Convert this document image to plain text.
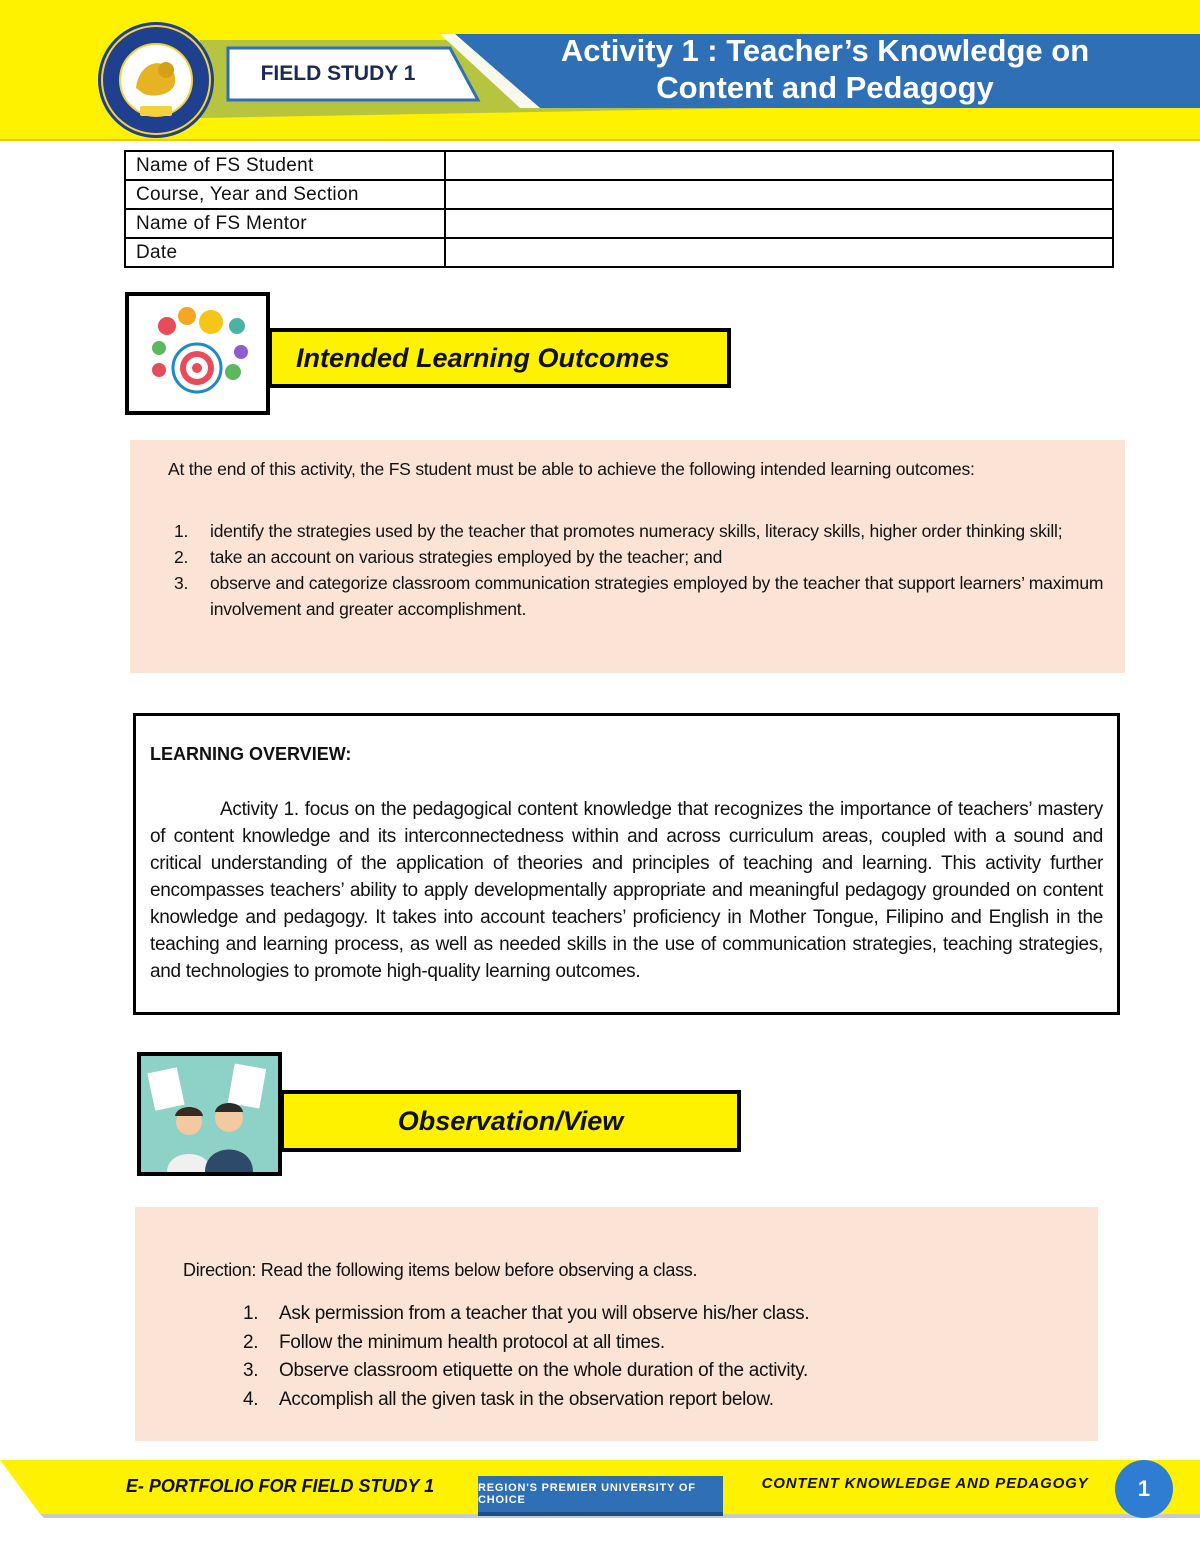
FIELD STUDY 1
Activity 1 : Teacher’s Knowledge on
Content and Pedagogy
Name of FS Student	
Course, Year and Section	
Name of FS Mentor	
Date	
Intended Learning Outcomes
At the end of this activity, the FS student must be able to achieve the following intended learning outcomes:
1. identify the strategies used by the teacher that promotes numeracy skills, literacy skills, higher order thinking skill;
2. take an account on various strategies employed by the teacher; and
3. observe and categorize classroom communication strategies employed by the teacher that support learners’ maximum involvement and greater accomplishment.
LEARNING OVERVIEW:
Activity 1. focus on the pedagogical content knowledge that recognizes the importance of teachers’ mastery of content knowledge and its interconnectedness within and across curriculum areas, coupled with a sound and critical understanding of the application of theories and principles of teaching and learning. This activity further encompasses teachers’ ability to apply developmentally appropriate and meaningful pedagogy grounded on content knowledge and pedagogy. It takes into account teachers’ proficiency in Mother Tongue, Filipino and English in the teaching and learning process, as well as needed skills in the use of communication strategies, teaching strategies, and technologies to promote high-quality learning outcomes.
Observation/View
Direction: Read the following items below before observing a class.
1. Ask permission from a teacher that you will observe his/her class.
2. Follow the minimum health protocol at all times.
3. Observe classroom etiquette on the whole duration of the activity.
4. Accomplish all the given task in the observation report below.
E- PORTFOLIO FOR FIELD STUDY 1	REGION'S PREMIER UNIVERSITY OF CHOICE
CONTENT KNOWLEDGE AND PEDAGOGY	1
